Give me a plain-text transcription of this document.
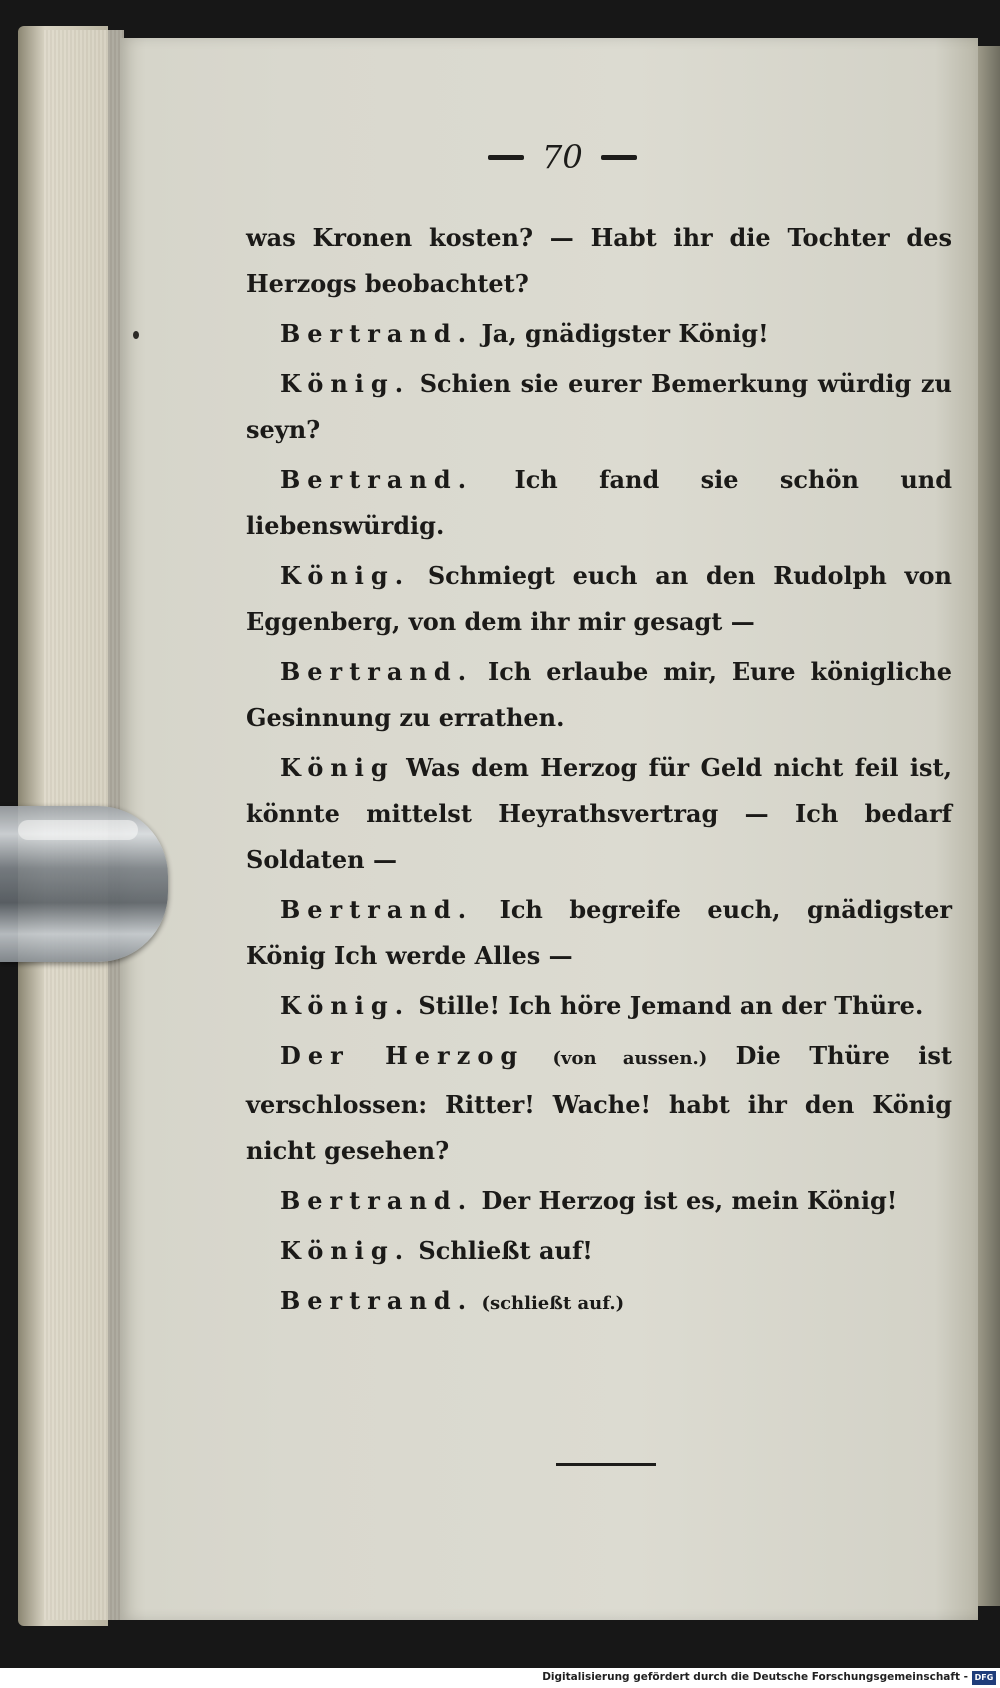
70

was Kronen kosten? — Habt ihr die Tochter des Herzogs beobachtet?

Bertrand. Ja, gnädigster König!

König. Schien sie eurer Bemerkung würdig zu seyn?

Bertrand. Ich fand sie schön und liebenswürdig.

König. Schmiegt euch an den Rudolph von Eggenberg, von dem ihr mir gesagt —

Bertrand. Ich erlaube mir, Eure königliche Gesinnung zu errathen.

König Was dem Herzog für Geld nicht feil ist, könnte mittelst Heyrathsvertrag — Ich bedarf Soldaten —

Bertrand. Ich begreife euch, gnädigster König Ich werde Alles —

König. Stille! Ich höre Jemand an der Thüre.

Der Herzog (von aussen.) Die Thüre ist verschlossen: Ritter! Wache! habt ihr den König nicht gesehen?

Bertrand. Der Herzog ist es, mein König!

König. Schließt auf!

Bertrand. (schließt auf.)

Digitalisierung gefördert durch die Deutsche Forschungsgemeinschaft - DFG
